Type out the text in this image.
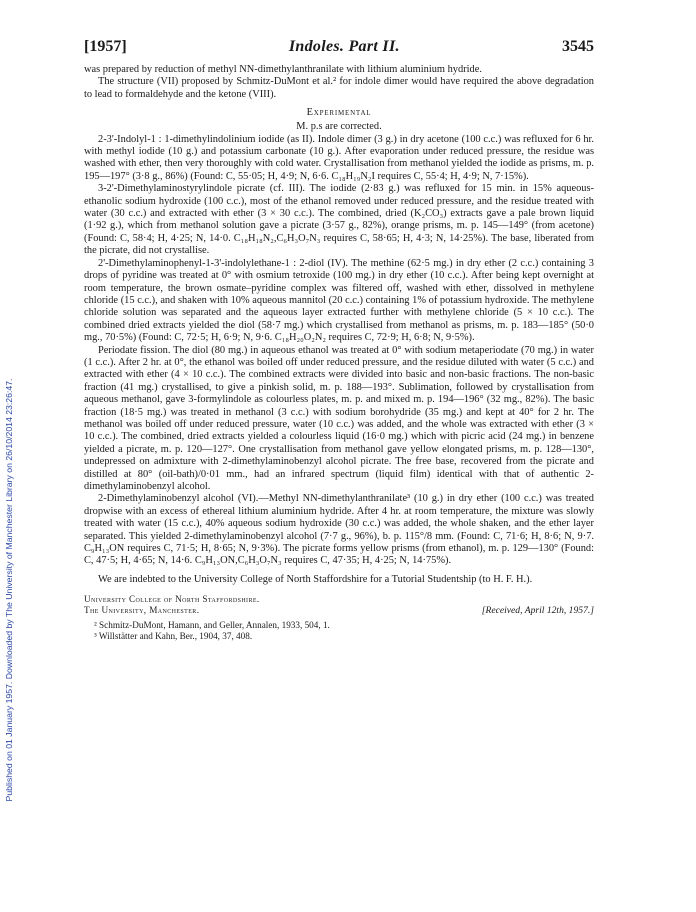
Published on 01 January 1957. Downloaded by The University of Manchester Library on 26/10/2014 23:26:47.
[1957]	Indoles. Part II.	3545

was prepared by reduction of methyl NN-dimethylanthranilate with lithium aluminium hydride.

The structure (VII) proposed by Schmitz-DuMont et al.² for indole dimer would have required the above degradation to lead to formaldehyde and the ketone (VIII).

Experimental
M. p.s are corrected.

2-3'-Indolyl-1 : 1-dimethylindolinium iodide (as II). Indole dimer (3 g.) in dry acetone (100 c.c.) was refluxed for 6 hr. with methyl iodide (10 g.) and potassium carbonate (10 g.). After evaporation under reduced pressure, the residue was washed with ether, then very thoroughly with cold water. Crystallisation from methanol yielded the iodide as prisms, m. p. 195—197° (3·8 g., 86%) (Found: C, 55·05; H, 4·9; N, 6·6. C₁₈H₁₉N₂I requires C, 55·4; H, 4·9; N, 7·15%).

3-2'-Dimethylaminostyrylindole picrate (cf. III). The iodide (2·83 g.) was refluxed for 15 min. in 15% aqueous-ethanolic sodium hydroxide (100 c.c.), most of the ethanol removed under reduced pressure, and the residue treated with water (30 c.c.) and extracted with ether (3 × 30 c.c.). The combined, dried (K₂CO₃) extracts gave a pale brown liquid (1·92 g.), which from methanol solution gave a picrate (3·57 g., 82%), orange prisms, m. p. 145—149° (from acetone) (Found: C, 58·4; H, 4·25; N, 14·0. C₁₈H₁₈N₂,C₆H₃O₇N₃ requires C, 58·65; H, 4·3; N, 14·25%). The base, liberated from the picrate, did not crystallise.

2'-Dimethylaminophenyl-1-3'-indolylethane-1 : 2-diol (IV). The methine (62·5 mg.) in dry ether (2 c.c.) containing 3 drops of pyridine was treated at 0° with osmium tetroxide (100 mg.) in dry ether (10 c.c.). After being kept overnight at room temperature, the brown osmate–pyridine complex was filtered off, washed with ether, dissolved in methylene chloride (15 c.c.), and shaken with 10% aqueous mannitol (20 c.c.) containing 1% of potassium hydroxide. The methylene chloride solution was separated and the aqueous layer extracted further with methylene chloride (5 × 10 c.c.). The combined dried extracts yielded the diol (58·7 mg.) which crystallised from methanol as prisms, m. p. 183—185° (50·0 mg., 70·5%) (Found: C, 72·5; H, 6·9; N, 9·6. C₁₈H₂₀O₂N₂ requires C, 72·9; H, 6·8; N, 9·5%).

Periodate fission. The diol (80 mg.) in aqueous ethanol was treated at 0° with sodium metaperiodate (70 mg.) in water (1 c.c.). After 2 hr. at 0°, the ethanol was boiled off under reduced pressure, and the residue diluted with water (5 c.c.) and extracted with ether (4 × 10 c.c.). The combined extracts were divided into basic and non-basic fractions. The non-basic fraction (41 mg.) crystallised, to give a pinkish solid, m. p. 188—193°. Sublimation, followed by crystallisation from aqueous methanol, gave 3-formylindole as colourless plates, m. p. and mixed m. p. 194—196° (32 mg., 82%). The basic fraction (18·5 mg.) was treated in methanol (3 c.c.) with sodium borohydride (35 mg.) and kept at 40° for 2 hr. The methanol was boiled off under reduced pressure, water (10 c.c.) was added, and the whole was extracted with ether (3 × 10 c.c.). The combined, dried extracts yielded a colourless liquid (16·0 mg.) which with picric acid (24 mg.) in benzene yielded a picrate, m. p. 120—127°. One crystallisation from methanol gave yellow elongated prisms, m. p. 128—130°, undepressed on admixture with 2-dimethylaminobenzyl alcohol picrate. The free base, recovered from the picrate and distilled at 80° (oil-bath)/0·01 mm., had an infrared spectrum (liquid film) identical with that of authentic 2-dimethylaminobenzyl alcohol.

2-Dimethylaminobenzyl alcohol (VI).—Methyl NN-dimethylanthranilate³ (10 g.) in dry ether (100 c.c.) was treated dropwise with an excess of ethereal lithium aluminium hydride. After 4 hr. at room temperature, the mixture was slowly treated with water (15 c.c.), 40% aqueous sodium hydroxide (30 c.c.) was added, the whole shaken, and the ether layer separated. This yielded 2-dimethylaminobenzyl alcohol (7·7 g., 96%), b. p. 115°/8 mm. (Found: C, 71·6; H, 8·6; N, 9·7. C₉H₁₃ON requires C, 71·5; H, 8·65; N, 9·3%). The picrate forms yellow prisms (from ethanol), m. p. 129—130° (Found: C, 47·5; H, 4·65; N, 14·6. C₉H₁₃ON,C₆H₃O₇N₃ requires C, 47·35; H, 4·25; N, 14·75%).

We are indebted to the University College of North Staffordshire for a Tutorial Studentship (to H. F. H.).

University College of North Staffordshire.
The University, Manchester.	[Received, April 12th, 1957.]
² Schmitz-DuMont, Hamann, and Geller, Annalen, 1933, 504, 1.
³ Willstätter and Kahn, Ber., 1904, 37, 408.
